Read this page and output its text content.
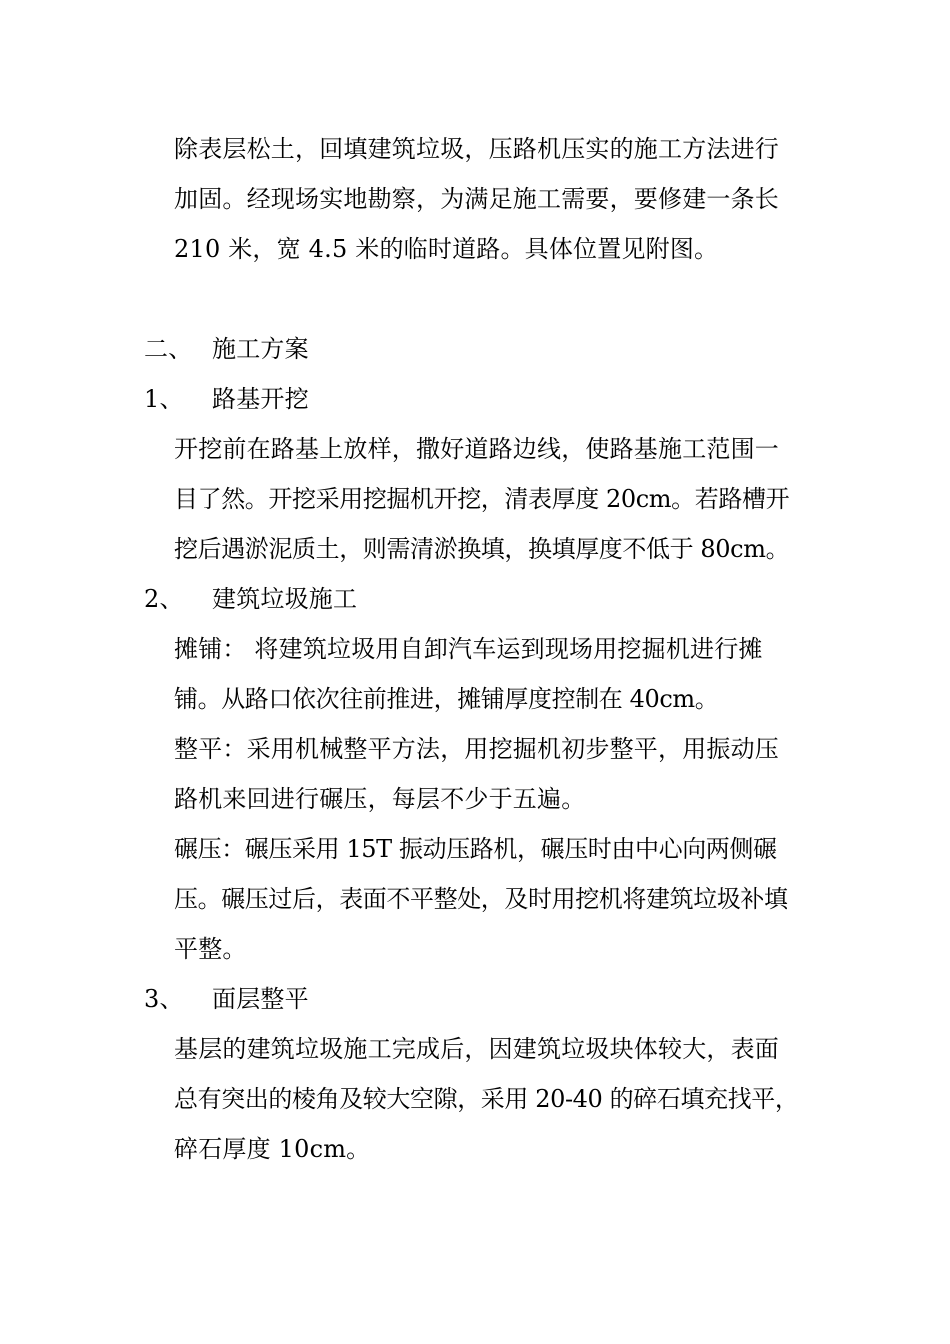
除表层松土，回填建筑垃圾，压路机压实的施工方法进行
加固。经现场实地勘察，为满足施工需要，要修建一条长
210 米，宽 4.5 米的临时道路。具体位置见附图。
二、 施工方案
1、 路基开挖
开挖前在路基上放样，撒好道路边线，使路基施工范围一
目了然。开挖采用挖掘机开挖，清表厚度 20cm。若路槽开
挖后遇淤泥质土，则需清淤换填，换填厚度不低于 80cm。
2、 建筑垃圾施工
摊铺： 将建筑垃圾用自卸汽车运到现场用挖掘机进行摊
铺。从路口依次往前推进，摊铺厚度控制在 40cm。
整平：采用机械整平方法，用挖掘机初步整平，用振动压
路机来回进行碾压，每层不少于五遍。
碾压：碾压采用 15T 振动压路机，碾压时由中心向两侧碾
压。碾压过后，表面不平整处，及时用挖机将建筑垃圾补填
平整。
3、 面层整平
基层的建筑垃圾施工完成后，因建筑垃圾块体较大，表面
总有突出的棱角及较大空隙，采用 20-40 的碎石填充找平，
碎石厚度 10cm。
